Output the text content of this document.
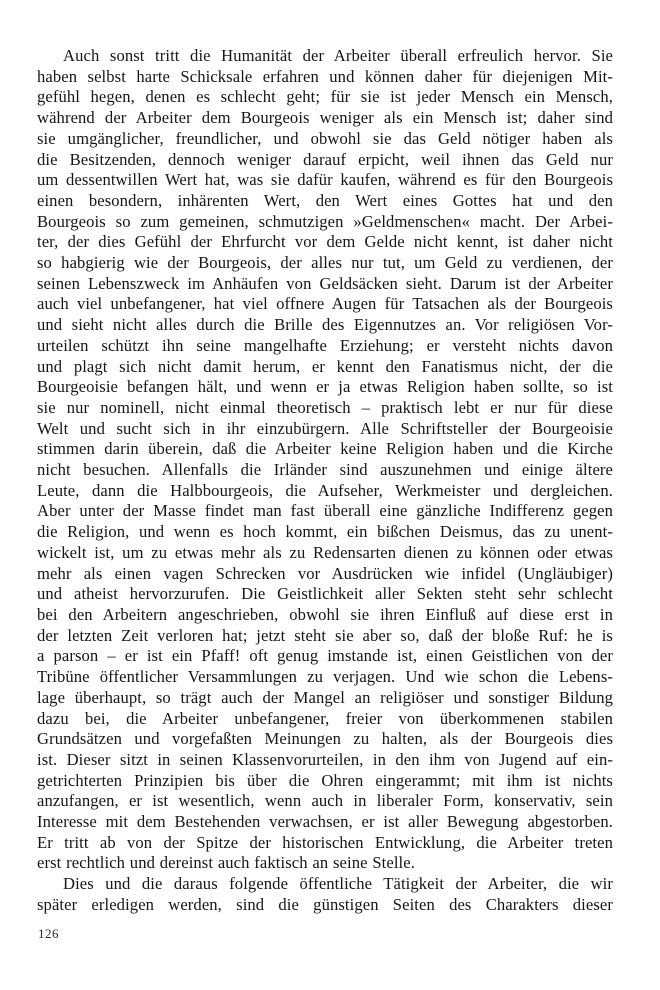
Auch sonst tritt die Humanität der Arbeiter überall erfreulich hervor. Sie
haben selbst harte Schicksale erfahren und können daher für diejenigen Mit-
gefühl hegen, denen es schlecht geht; für sie ist jeder Mensch ein Mensch,
während der Arbeiter dem Bourgeois weniger als ein Mensch ist; daher sind
sie umgänglicher, freundlicher, und obwohl sie das Geld nötiger haben als
die Besitzenden, dennoch weniger darauf erpicht, weil ihnen das Geld nur
um dessentwillen Wert hat, was sie dafür kaufen, während es für den Bourgeois
einen besondern, inhärenten Wert, den Wert eines Gottes hat und den
Bourgeois so zum gemeinen, schmutzigen »Geldmenschen« macht. Der Arbei-
ter, der dies Gefühl der Ehrfurcht vor dem Gelde nicht kennt, ist daher nicht
so habgierig wie der Bourgeois, der alles nur tut, um Geld zu verdienen, der
seinen Lebenszweck im Anhäufen von Geldsäcken sieht. Darum ist der Arbeiter
auch viel unbefangener, hat viel offnere Augen für Tatsachen als der Bourgeois
und sieht nicht alles durch die Brille des Eigennutzes an. Vor religiösen Vor-
urteilen schützt ihn seine mangelhafte Erziehung; er versteht nichts davon
und plagt sich nicht damit herum, er kennt den Fanatismus nicht, der die
Bourgeoisie befangen hält, und wenn er ja etwas Religion haben sollte, so ist
sie nur nominell, nicht einmal theoretisch – praktisch lebt er nur für diese
Welt und sucht sich in ihr einzubürgern. Alle Schriftsteller der Bourgeoisie
stimmen darin überein, daß die Arbeiter keine Religion haben und die Kirche
nicht besuchen. Allenfalls die Irländer sind auszunehmen und einige ältere
Leute, dann die Halbbourgeois, die Aufseher, Werkmeister und dergleichen.
Aber unter der Masse findet man fast überall eine gänzliche Indifferenz gegen
die Religion, und wenn es hoch kommt, ein bißchen Deismus, das zu unent-
wickelt ist, um zu etwas mehr als zu Redensarten dienen zu können oder etwas
mehr als einen vagen Schrecken vor Ausdrücken wie infidel (Ungläubiger)
und atheist hervorzurufen. Die Geistlichkeit aller Sekten steht sehr schlecht
bei den Arbeitern angeschrieben, obwohl sie ihren Einfluß auf diese erst in
der letzten Zeit verloren hat; jetzt steht sie aber so, daß der bloße Ruf: he is
a parson – er ist ein Pfaff! oft genug imstande ist, einen Geistlichen von der
Tribüne öffentlicher Versammlungen zu verjagen. Und wie schon die Lebens-
lage überhaupt, so trägt auch der Mangel an religiöser und sonstiger Bildung
dazu bei, die Arbeiter unbefangener, freier von überkommenen stabilen
Grundsätzen und vorgefaßten Meinungen zu halten, als der Bourgeois dies
ist. Dieser sitzt in seinen Klassenvorurteilen, in den ihm von Jugend auf ein-
getrichterten Prinzipien bis über die Ohren eingerammt; mit ihm ist nichts
anzufangen, er ist wesentlich, wenn auch in liberaler Form, konservativ, sein
Interesse mit dem Bestehenden verwachsen, er ist aller Bewegung abgestorben.
Er tritt ab von der Spitze der historischen Entwicklung, die Arbeiter treten
erst rechtlich und dereinst auch faktisch an seine Stelle.
Dies und die daraus folgende öffentliche Tätigkeit der Arbeiter, die wir
später erledigen werden, sind die günstigen Seiten des Charakters dieser
126
